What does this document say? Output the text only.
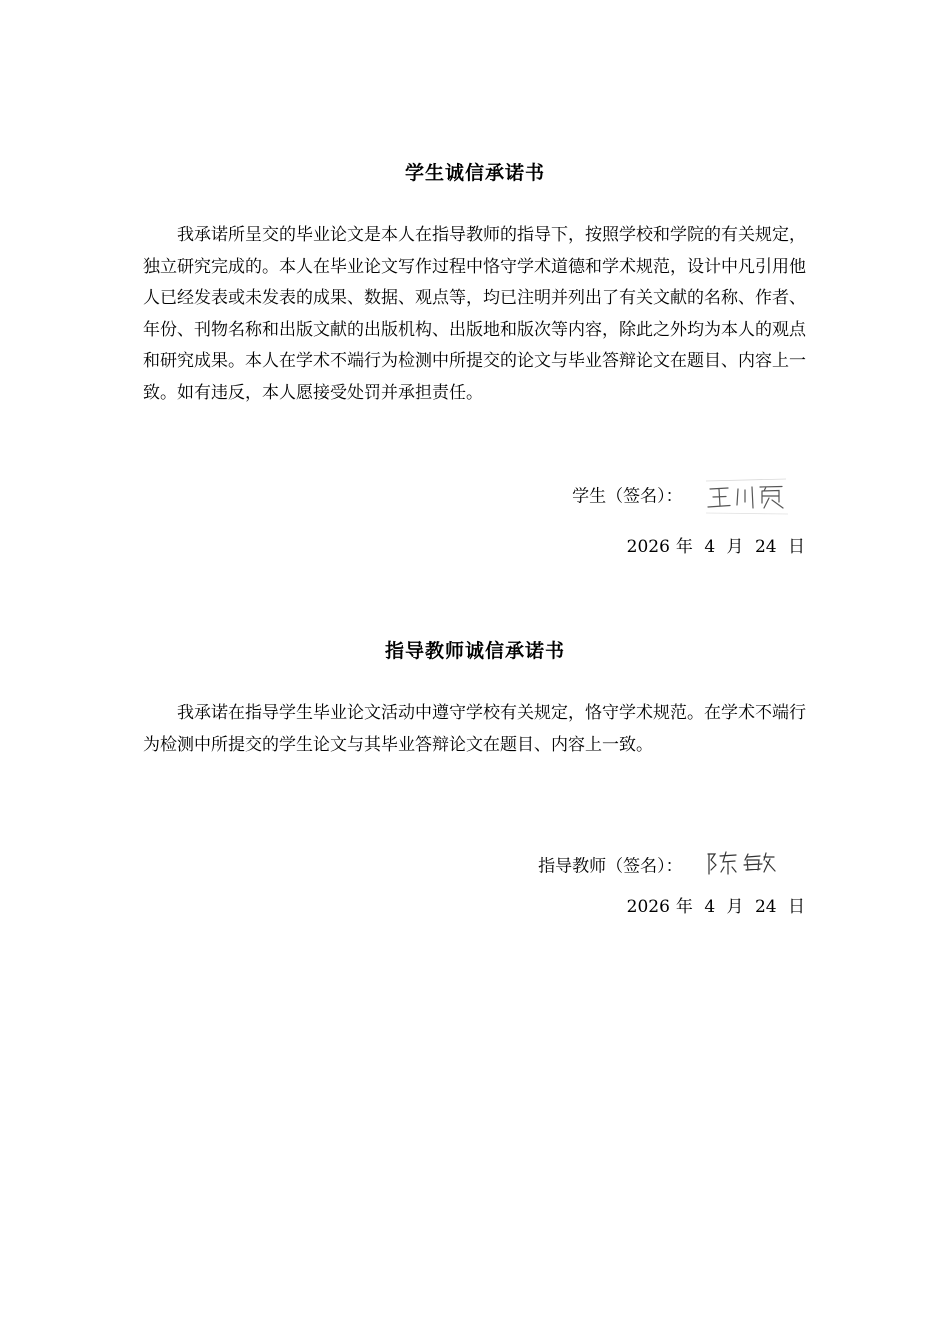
学生诚信承诺书

我承诺所呈交的毕业论文是本人在指导教师的指导下，按照学校和学院的有关规定，独立研究完成的。本人在毕业论文写作过程中恪守学术道德和学术规范，设计中凡引用他人已经发表或未发表的成果、数据、观点等，均已注明并列出了有关文献的名称、作者、年份、刊物名称和出版文献的出版机构、出版地和版次等内容，除此之外均为本人的观点和研究成果。本人在学术不端行为检测中所提交的论文与毕业答辩论文在题目、内容上一致。如有违反，本人愿接受处罚并承担责任。

学生（签名）：
2026 年 4 月 24 日
指导教师诚信承诺书

我承诺在指导学生毕业论文活动中遵守学校有关规定，恪守学术规范。在学术不端行为检测中所提交的学生论文与其毕业答辩论文在题目、内容上一致。

指导教师（签名）：
2026 年 4 月 24 日
